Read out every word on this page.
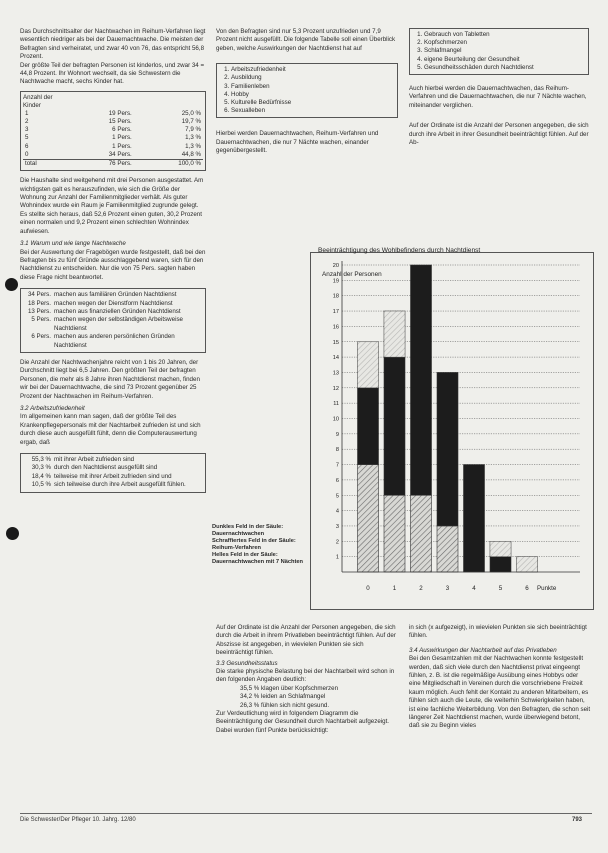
Das Durchschnittsalter der Nachtwachen im Reihum-Verfahren liegt wesentlich niedriger als bei der Dauernachtwache. Die meisten der Befragten sind verheiratet, und zwar 40 von 76, das entspricht 56,8 Prozent.

Der größte Teil der befragten Personen ist kinderlos, und zwar 34 = 44,8 Prozent. Ihr Wohnort wechselt, da sie Schwestern die Nachtwache macht, sechs Kinder hat.

Anzahl der Kinder
1	19 Pers.	25,0 %
2	15 Pers.	19,7 %
3	6 Pers.	7,9 %
5	1 Pers.	1,3 %
6	1 Pers.	1,3 %
0	34 Pers.	44,8 %
total	76 Pers.	100,0 %

Die Haushalte sind weitgehend mit drei Personen ausgestattet. Am wichtigsten galt es herauszufinden, wie sich die Größe der Wohnung zur Anzahl der Familienmitglieder verhält. Als guter Wohnindex wurde ein Raum je Familienmitglied zugrunde gelegt. Es stellte sich heraus, daß 52,6 Prozent einen guten, 30,2 Prozent einen normalen und 9,2 Prozent einen schlechten Wohnindex aufwiesen.

3.1 Warum und wie lange Nachtwache

Bei der Auswertung der Fragebögen wurde festgestellt, daß bei den Befragten bis zu fünf Gründe ausschlaggebend waren, sich für den Nachtdienst zu entscheiden. Nur die von 75 Pers. sagten haben diese Frage nicht beantwortet.

34 Pers. machen aus familiären Gründen Nachtdienst
18 Pers. machen wegen der Dienstform Nachtdienst
13 Pers. machen aus finanziellen Gründen Nachtdienst
5 Pers. machen wegen der selbständigen Arbeitsweise Nachtdienst
6 Pers. machen aus anderen persönlichen Gründen Nachtdienst

Die Anzahl der Nachtwachenjahre reicht von 1 bis 20 Jahren, der Durchschnitt liegt bei 6,5 Jahren. Den größten Teil der befragten Personen, die mehr als 8 Jahre ihren Nachtdienst machen, finden wir bei der Dauernachtwache, die sind 73 Prozent gegenüber 25 Prozent der Nachtwachen im Reihum-Verfahren.

3.2 Arbeitszufriedenheit

Im allgemeinen kann man sagen, daß der größte Teil des Krankenpflegepersonals mit der Nachtarbeit zufrieden ist und sich durch diese auch ausgefüllt fühlt, denn die Computerauswertung ergab, daß

55,3 % mit ihrer Arbeit zufrieden sind
30,3 % durch den Nachtdienst ausgefüllt sind
18,4 % teilweise mit ihrer Arbeit zufrieden sind und
10,5 % sich teilweise durch ihre Arbeit ausgefüllt fühlen.

Von den Befragten sind nur 5,3 Prozent unzufrieden und 7,9 Prozent nicht ausgefüllt. Die folgende Tabelle soll einen Überblick geben, welche Auswirkungen der Nachtdienst hat auf

1. Arbeitszufriedenheit
2. Ausbildung
3. Familienleben
4. Hobby
5. Kulturelle Bedürfnisse
6. Sexualleben

Hierbei werden Dauernachtwachen, Reihum-Verfahren und Dauernachtwachen, die nur 7 Nächte wachen, einander gegenübergestellt.

1. Gebrauch von Tabletten
2. Kopfschmerzen
3. Schlafmangel
4. eigene Beurteilung der Gesundheit
5. Gesundheitsschäden durch Nachtdienst

Auch hierbei werden die Dauernachtwachen, das Reihum-Verfahren und die Dauernachtwachen, die nur 7 Nächte wachen, miteinander verglichen.

Auf der Ordinate ist die Anzahl der Personen angegeben, die sich durch ihre Arbeit in ihrer Gesundheit beeinträchtigt fühlen. Auf der Ab-

Beeinträchtigung des Wohlbefindens durch Nachtdienst
Anzahl der Personen
1
2
3
4
5
6
7
8
9
10
11
12
13
14
15
16
17
18
19
20
0	1	2	3	4	5	6 Punkte

Dunkles Feld in der Säule: Dauernachtwachen

Schraffiertes Feld in der Säule: Reihum-Verfahren

Helles Feld in der Säule: Dauernachtwachen mit 7 Nächten

Auf der Ordinate ist die Anzahl der Personen angegeben, die sich durch die Arbeit in ihrem Privatleben beeinträchtigt fühlen. Auf der Abszisse ist angegeben, in wievielen Punkten sie sich beeinträchtigt fühlen.

3.3 Gesundheitsstatus

Die starke physische Belastung bei der Nachtarbeit wird schon in den folgenden Angaben deutlich:

35,5 % klagen über Kopfschmerzen
34,2 % leiden an Schlafmangel
26,3 % fühlen sich nicht gesund.

Zur Verdeutlichung wird in folgendem Diagramm die Beeinträchtigung der Gesundheit durch Nachtarbeit aufgezeigt. Dabei wurden fünf Punkte berücksichtigt:

in sich (x aufgezeigt), in wievielen Punkten sie sich beeinträchtigt fühlen.

3.4 Auswirkungen der Nachtarbeit auf das Privatleben

Bei den Gesamtzahlen mit der Nachtwachen konnte festgestellt werden, daß sich viele durch den Nachtdienst privat eingeengt fühlen, z. B. ist die regelmäßige Ausübung eines Hobbys oder eine Mitgliedschaft in Vereinen durch die vorschriebene Freizeit kaum möglich. Auch fehlt der Kontakt zu anderen Mitarbeitern, es fühlen sich auch die Leute, die weiterhin Schwierigkeiten haben, ist eine fachliche Weiterbildung. Von den Befragten, die schon seit längerer Zeit Nachtdienst machen, wurde überwiegend betont, daß sie zu Beginn vieles

Die Schwester/Der Pfleger 10. Jahrg. 12/80	793
